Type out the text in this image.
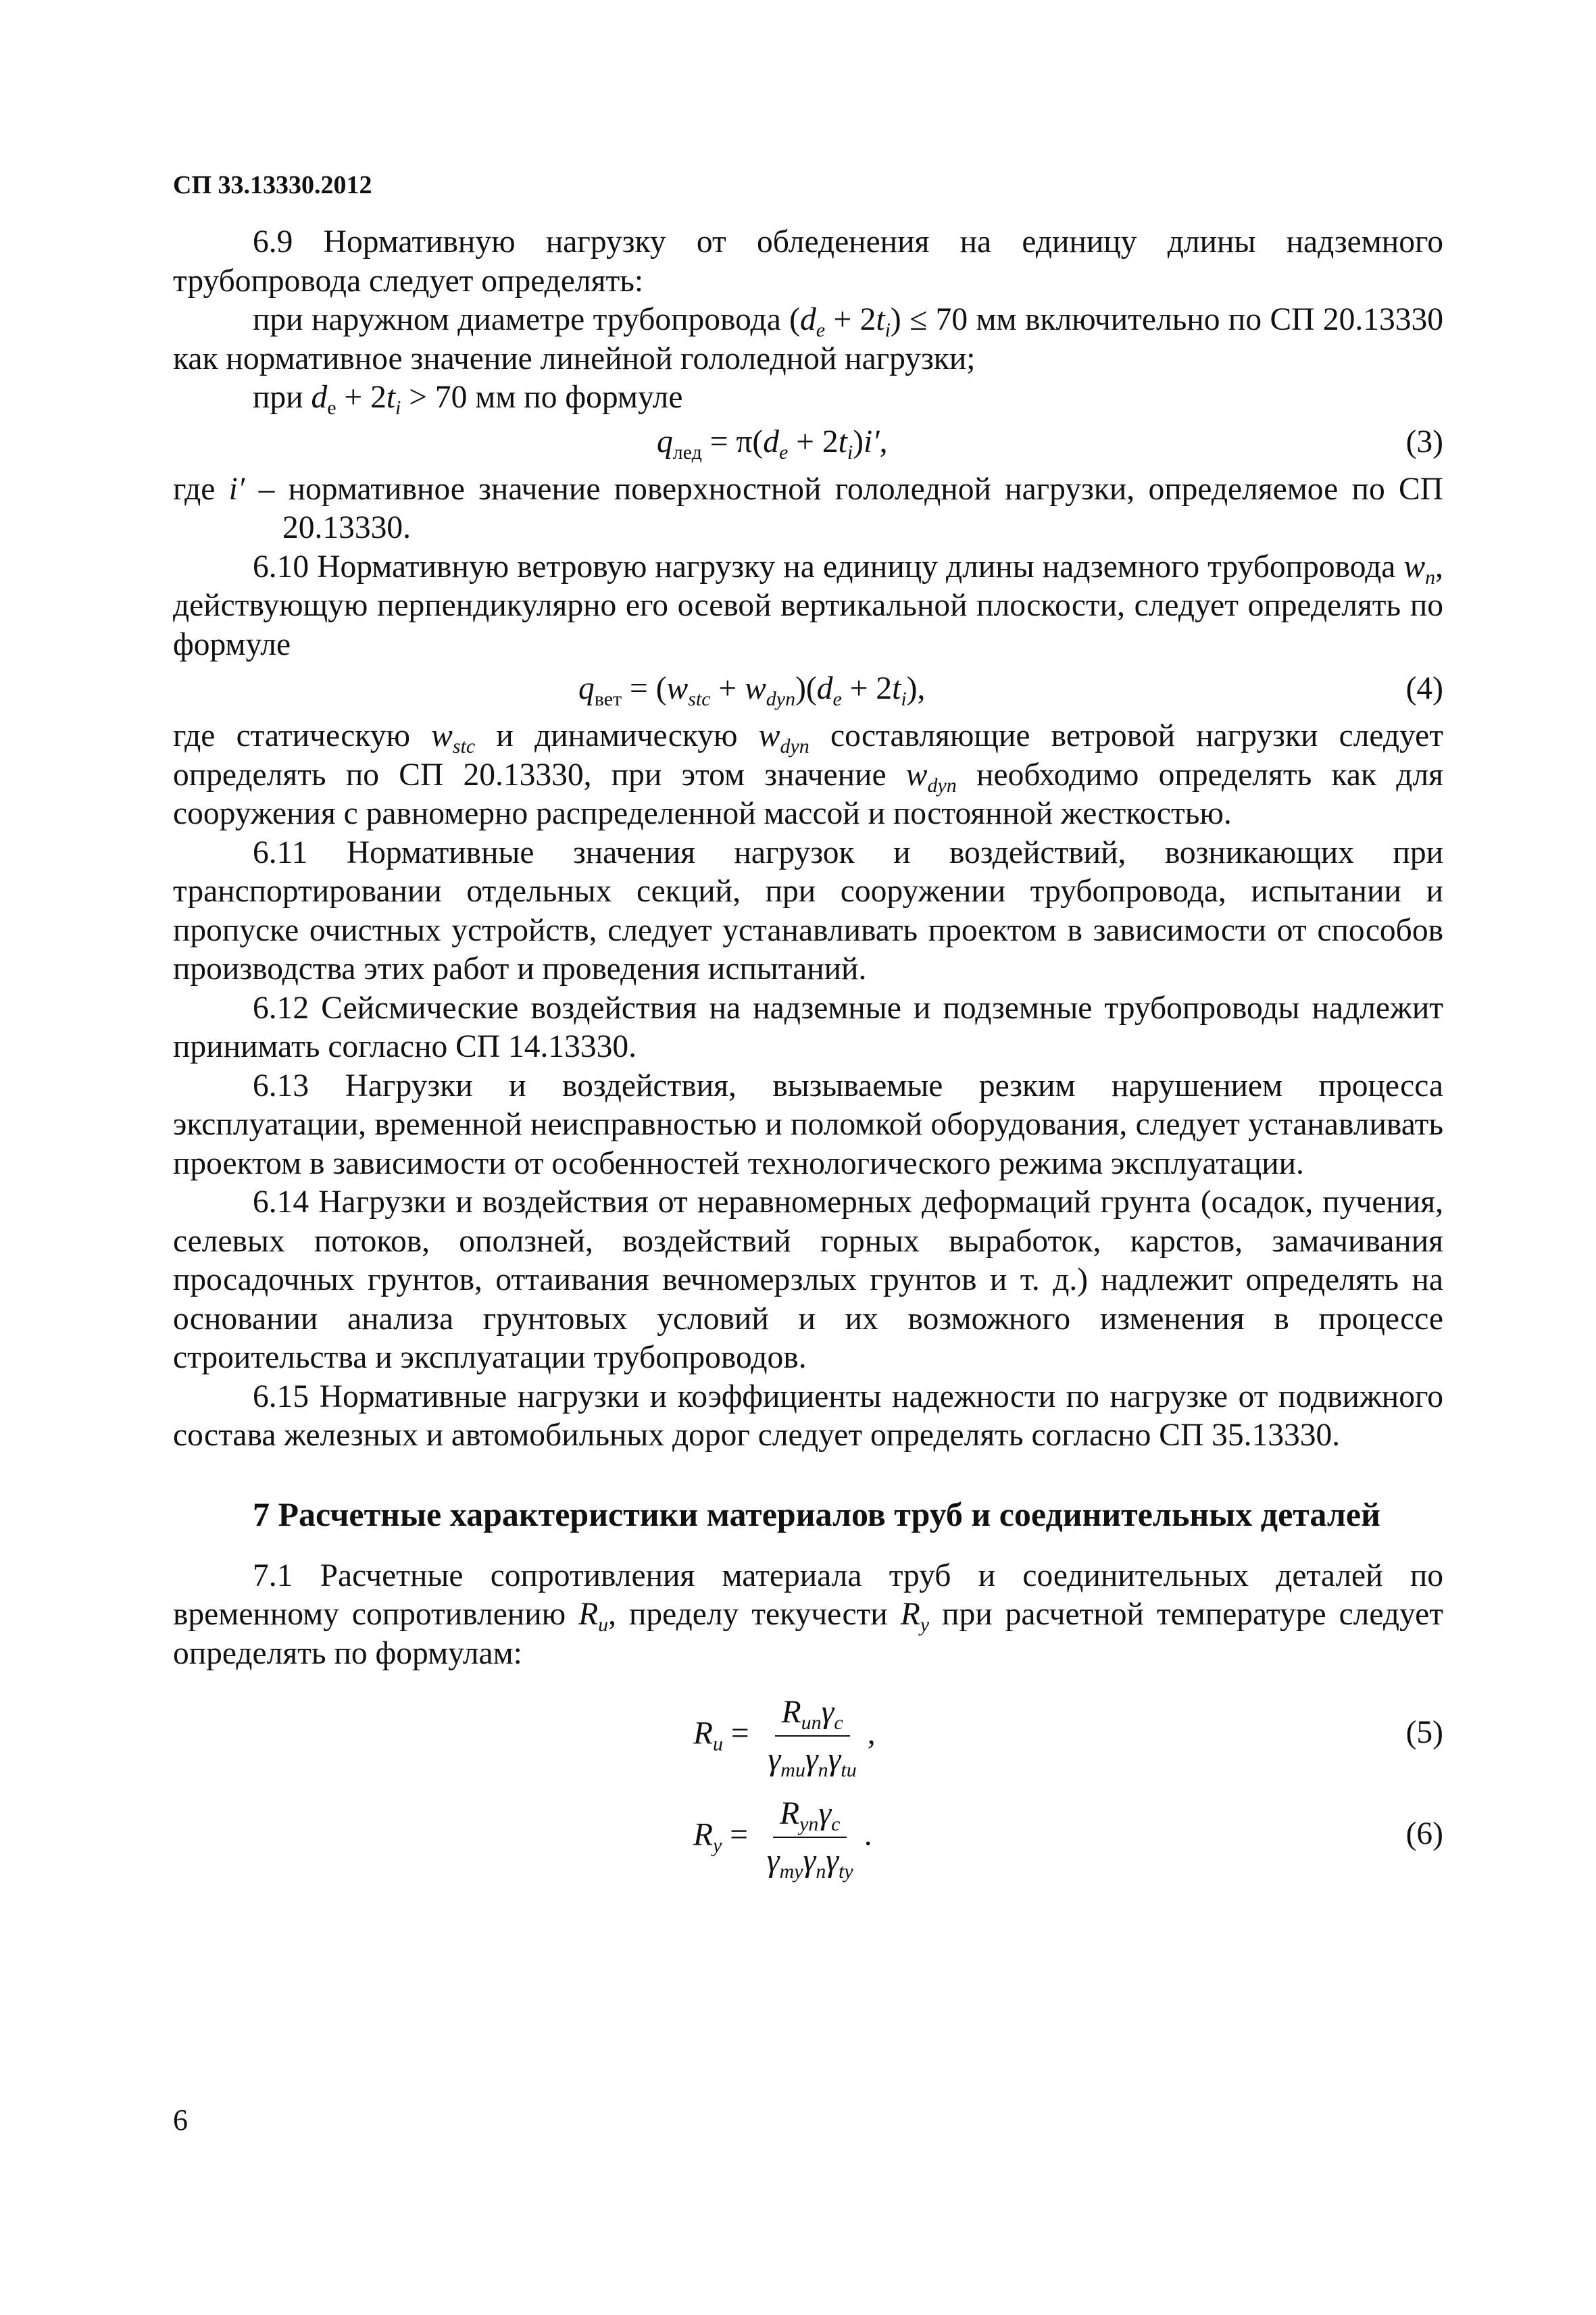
СП 33.13330.2012

6.9 Нормативную нагрузку от обледенения на единицу длины надземного трубопровода следует определять:

при наружном диаметре трубопровода $(d_e + 2t_i) \le 70$ мм включительно по СП 20.13330 как нормативное значение линейной гололедной нагрузки;

при $d_e + 2t_i > 70$ мм по формуле

$q_{лед} = \pi(d_e + 2t_i)i'$,	(3)

где i′ – нормативное значение поверхностной гололедной нагрузки, определяемое по СП 20.13330.

6.10 Нормативную ветровую нагрузку на единицу длины надземного трубопровода $w_n$, действующую перпендикулярно его осевой вертикальной плоскости, следует определять по формуле

$q_{вет} = (w_{stc} + w_{dyn})(d_e + 2t_i)$,	(4)

где статическую $w_{stc}$ и динамическую $w_{dyn}$ составляющие ветровой нагрузки следует определять по СП 20.13330, при этом значение $w_{dyn}$ необходимо определять как для сооружения с равномерно распределенной массой и постоянной жесткостью.

6.11 Нормативные значения нагрузок и воздействий, возникающих при транспортировании отдельных секций, при сооружении трубопровода, испытании и пропуске очистных устройств, следует устанавливать проектом в зависимости от способов производства этих работ и проведения испытаний.

6.12 Сейсмические воздействия на надземные и подземные трубопроводы надлежит принимать согласно СП 14.13330.

6.13 Нагрузки и воздействия, вызываемые резким нарушением процесса эксплуатации, временной неисправностью и поломкой оборудования, следует устанавливать проектом в зависимости от особенностей технологического режима эксплуатации.

6.14 Нагрузки и воздействия от неравномерных деформаций грунта (осадок, пучения, селевых потоков, оползней, воздействий горных выработок, карстов, замачивания просадочных грунтов, оттаивания вечномерзлых грунтов и т. д.) надлежит определять на основании анализа грунтовых условий и их возможного изменения в процессе строительства и эксплуатации трубопроводов.

6.15 Нормативные нагрузки и коэффициенты надежности по нагрузке от подвижного состава железных и автомобильных дорог следует определять согласно СП 35.13330.

7 Расчетные характеристики материалов труб и соединительных деталей

7.1 Расчетные сопротивления материала труб и соединительных деталей по временному сопротивлению $R_u$, пределу текучести $R_y$ при расчетной температуре следует определять по формулам:

$R_u = \frac{R_{un}\gamma_c}{\gamma_{mu}\gamma_n\gamma_{tu}}$ ,	(5)
$R_y = \frac{R_{yn}\gamma_c}{\gamma_{my}\gamma_n\gamma_{ty}}$ .	(6)
6
